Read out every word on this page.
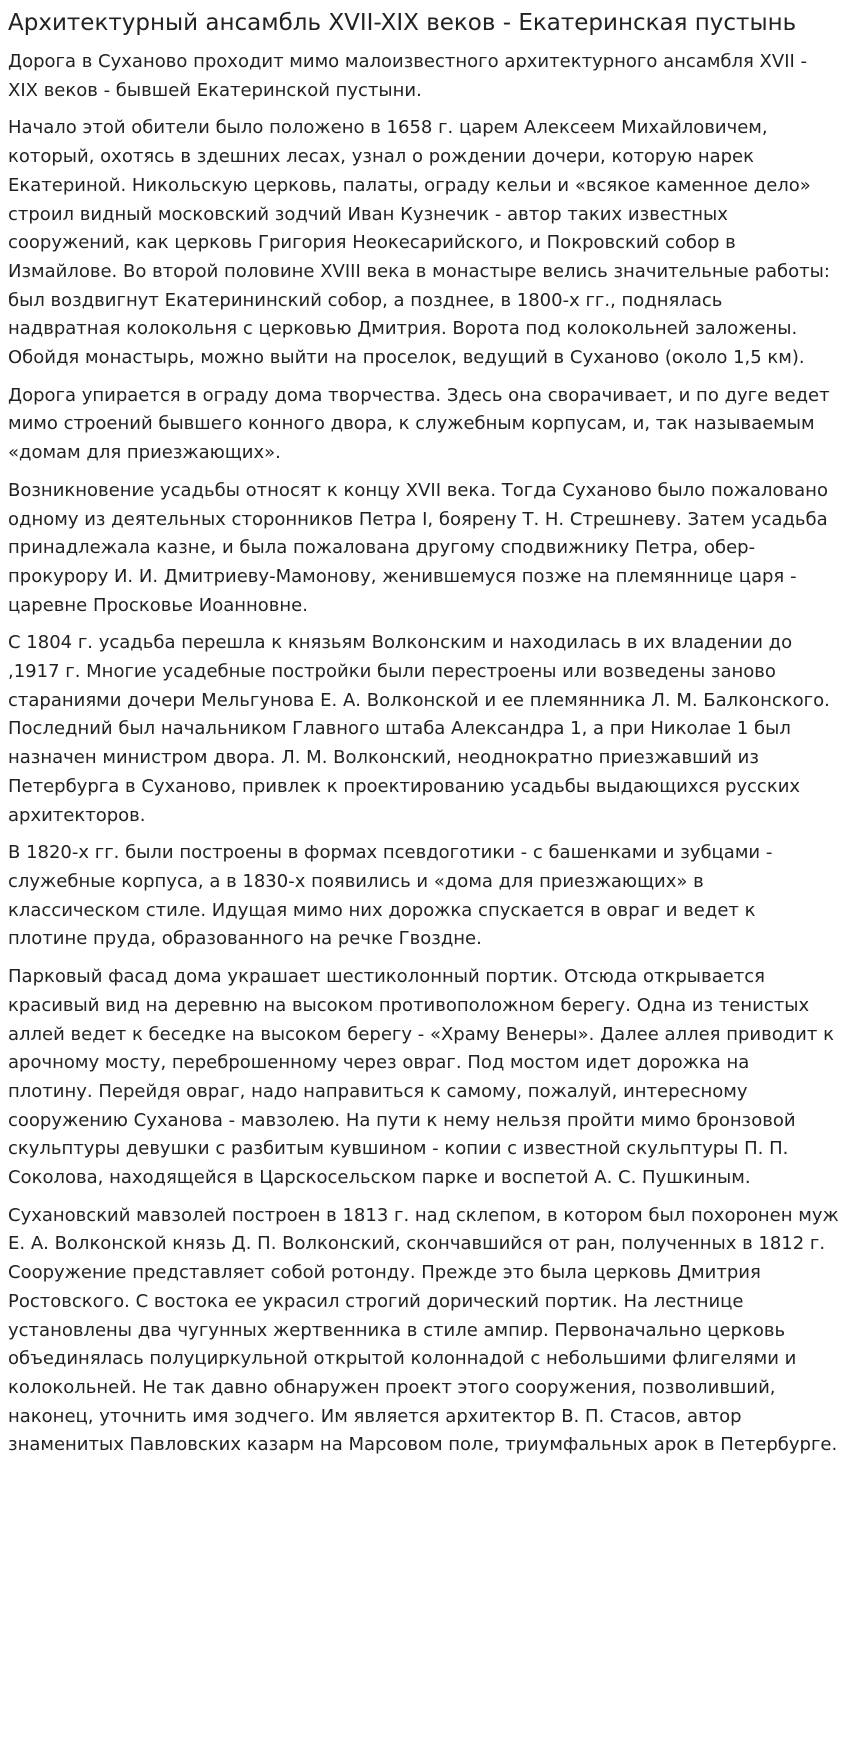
Архитектурный ансамбль XVII-XIX веков - Екатеринская пустынь

Дорога в Суханово проходит мимо малоизвестного архитектурного ансамбля XVII - XIX веков - бывшей Екатеринской пустыни.

Начало этой обители было положено в 1658 г. царем Алексеем Михайловичем, который, охотясь в здешних лесах, узнал о рождении дочери, которую нарек Екатериной. Никольскую церковь, палаты, ограду кельи и «всякое каменное дело» строил видный московский зодчий Иван Кузнечик - автор таких известных сооружений, как церковь Григория Неокесарийского, и Покровский собор в Измайлове. Во второй половине XVIII века в монастыре велись значительные работы: был воздвигнут Екатерининский собор, а позднее, в 1800-х гг., поднялась надвратная колокольня с церковью Дмитрия. Ворота под колокольней заложены. Обойдя монастырь, можно выйти на проселок, ведущий в Суханово (около 1,5 км).

Дорога упирается в ограду дома творчества. Здесь она сворачивает, и по дуге ведет мимо строений бывшего конного двора, к служебным корпусам, и, так называемым «домам для приезжающих».

Возникновение усадьбы относят к концу XVII века. Тогда Суханово было пожаловано одному из деятельных сторонников Петра I, боярену Т. Н. Стрешневу. Затем усадьба принадлежала казне, и была пожалована другому сподвижнику Петра, обер-прокурору И. И. Дмитриеву-Мамонову, женившемуся позже на племяннице царя - царевне Просковье Иоанновне.

С 1804 г. усадьба перешла к князьям Волконским и находилась в их владении до ,1917 г. Многие усадебные постройки были перестроены или возведены заново стараниями дочери Мельгунова Е. А. Волконской и ее племянника Л. М. Балконского. Последний был начальником Главного штаба Александра 1, а при Николае 1 был назначен министром двора. Л. М. Волконский, неоднократно приезжавший из Петербурга в Суханово, привлек к проектированию усадьбы выдающихся русских архитекторов.

В 1820-х гг. были построены в формах псевдоготики - с башенками и зубцами - служебные корпуса, а в 1830-х появились и «дома для приезжающих» в классическом стиле. Идущая мимо них дорожка спускается в овраг и ведет к плотине пруда, образованного на речке Гвоздне.

Парковый фасад дома украшает шестиколонный портик. Отсюда открывается красивый вид на деревню на высоком противоположном берегу. Одна из тенистых аллей ведет к беседке на высоком берегу - «Храму Венеры». Далее аллея приводит к арочному мосту, переброшенному через овраг. Под мостом идет дорожка на плотину. Перейдя овраг, надо направиться к самому, пожалуй, интересному сооружению Суханова - мавзолею. На пути к нему нельзя пройти мимо бронзовой скульптуры девушки с разбитым кувшином - копии с известной скульптуры П. П. Соколова, находящейся в Царскосельском парке и воспетой А. С. Пушкиным.

Сухановский мавзолей построен в 1813 г. над склепом, в котором был похоронен муж Е. А. Волконской князь Д. П. Волконский, скончавшийся от ран, полученных в 1812 г. Сооружение представляет собой ротонду. Прежде это была церковь Дмитрия Ростовского. С востока ее украсил строгий дорический портик. На лестнице установлены два чугунных жертвенника в стиле ампир. Первоначально церковь объединялась полуциркульной открытой колоннадой с небольшими флигелями и колокольней. Не так давно обнаружен проект этого сооружения, позволивший, наконец, уточнить имя зодчего. Им является архитектор В. П. Стасов, автор знаменитых Павловских казарм на Марсовом поле, триумфальных арок в Петербурге.
